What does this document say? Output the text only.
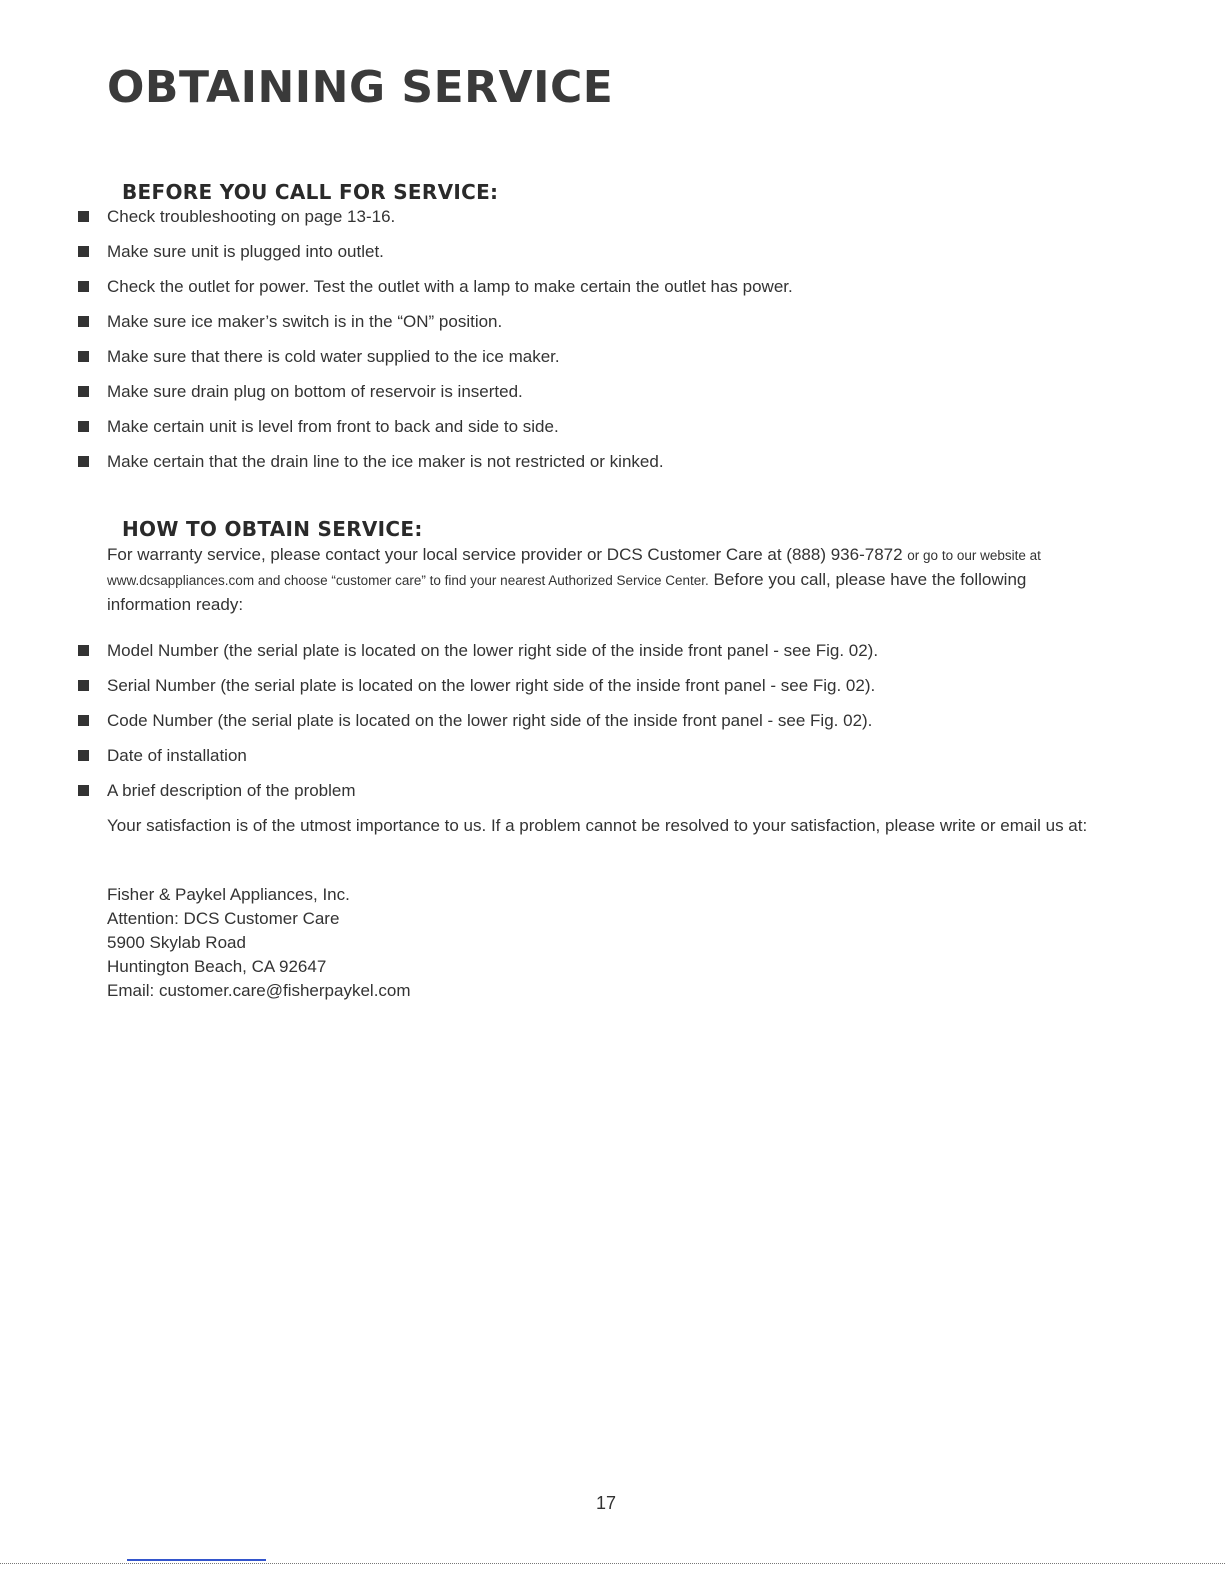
OBTAINING SERVICE
BEFORE YOU CALL FOR SERVICE:
Check troubleshooting on page 13-16.
Make sure unit is plugged into outlet.
Check the outlet for power. Test the outlet with a lamp to make certain the outlet has power.
Make sure ice maker’s switch is in the “ON” position.
Make sure that there is cold water supplied to the ice maker.
Make sure drain plug on bottom of reservoir is inserted.
Make certain unit is level from front to back and side to side.
Make certain that the drain line to the ice maker is not restricted or kinked.
HOW TO OBTAIN SERVICE:

For warranty service, please contact your local service provider or DCS Customer Care at (888) 936-7872 or go to our website at www.dcsappliances.com and choose “customer care” to find your nearest Authorized Service Center. Before you call, please have the following information ready:

Model Number (the serial plate is located on the lower right side of the inside front panel - see Fig. 02).
Serial Number (the serial plate is located on the lower right side of the inside front panel - see Fig. 02).
Code Number (the serial plate is located on the lower right side of the inside front panel - see Fig. 02).
Date of installation
A brief description of the problem

Your satisfaction is of the utmost importance to us. If a problem cannot be resolved to your satisfaction, please write or email us at:

Fisher & Paykel Appliances, Inc.
Attention: DCS Customer Care
5900 Skylab Road
Huntington Beach, CA 92647
Email: customer.care@fisherpaykel.com
17
